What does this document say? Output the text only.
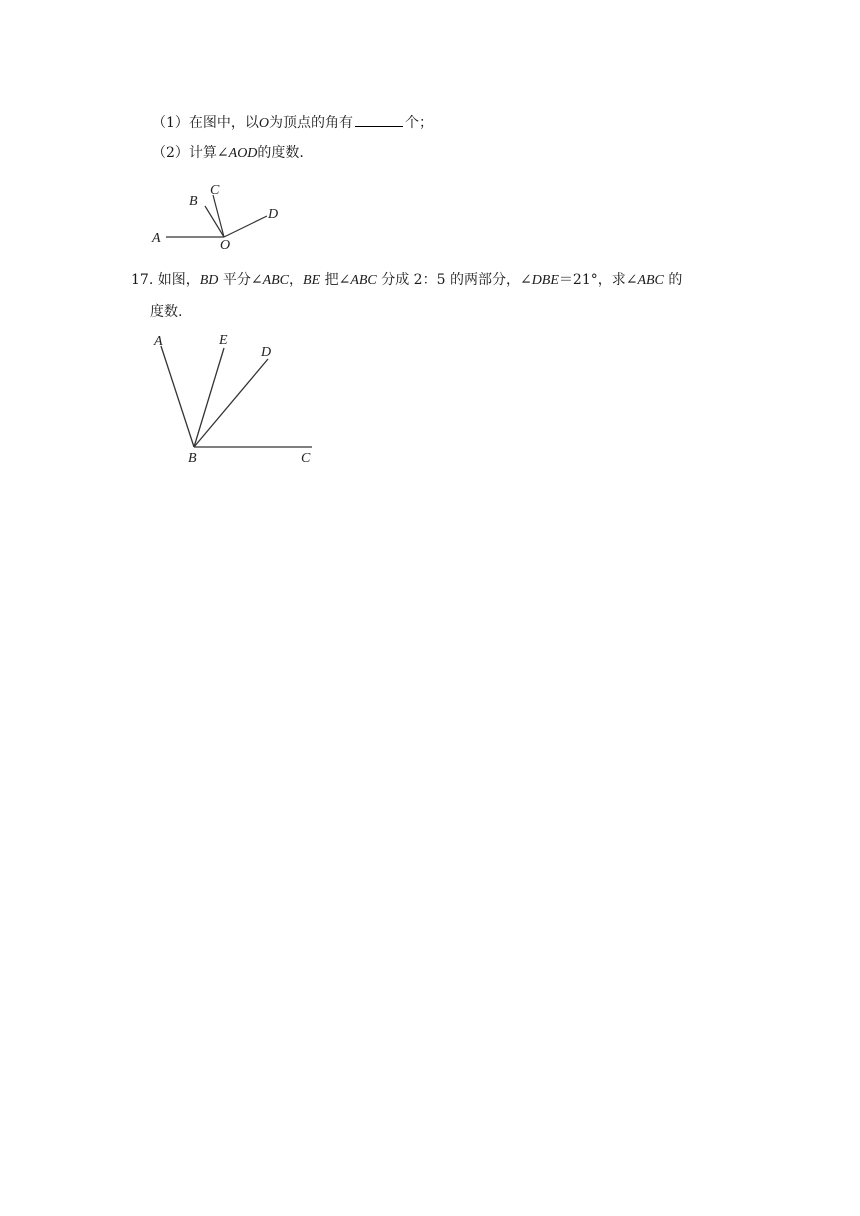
（1）在图中，以O为顶点的角有	个；
（2）计算∠AOD的度数.
A
B
C
D
O
17. 如图，BD 平分∠ABC，BE 把∠ABC 分成 2：5 的两部分，∠DBE＝21°，求∠ABC 的
度数.
A	E
D
B	C
